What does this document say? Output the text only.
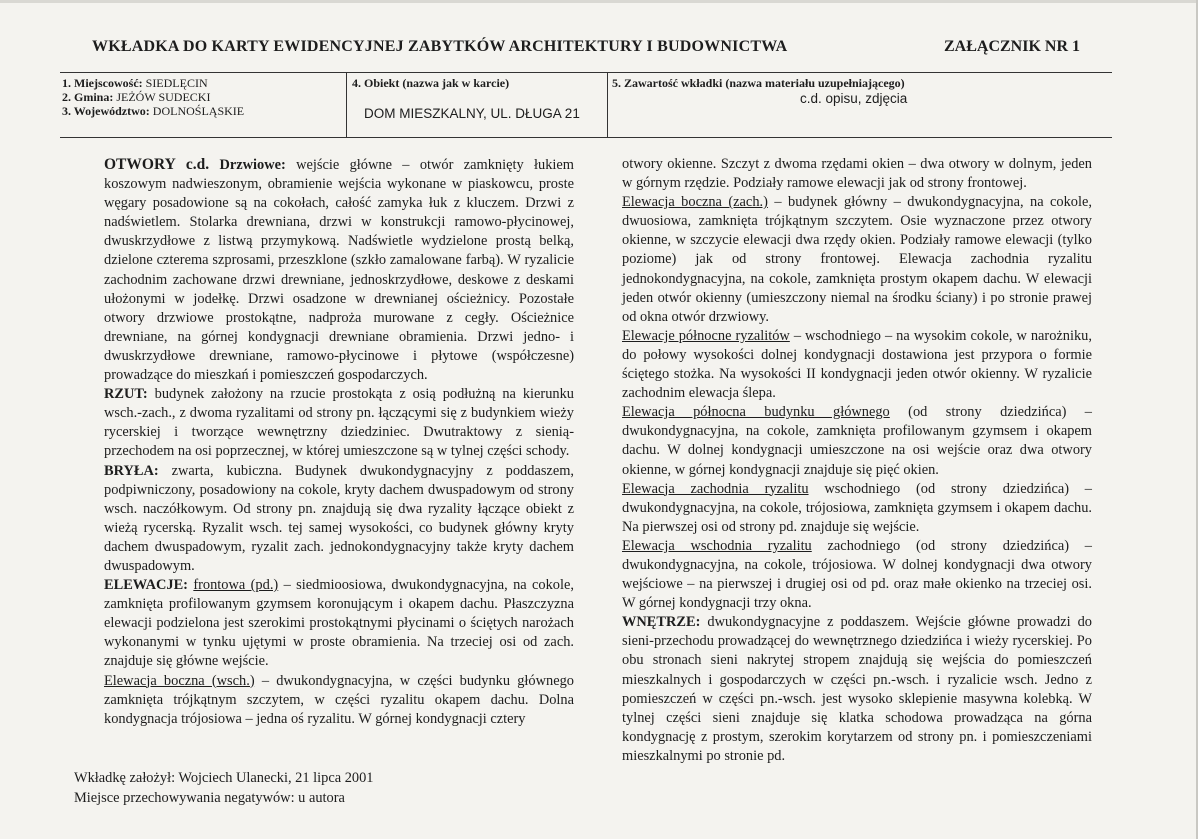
WKŁADKA DO KARTY EWIDENCYJNEJ ZABYTKÓW ARCHITEKTURY I BUDOWNICTWA	ZAŁĄCZNIK NR 1
1. Miejscowość: SIEDLĘCIN
2. Gmina: JEŻÓW SUDECKI
3. Województwo: DOLNOŚLĄSKIE
4. Obiekt (nazwa jak w karcie)
DOM MIESZKALNY, UL. DŁUGA 21
5. Zawartość wkładki (nazwa materiału uzupełniającego)
c.d. opisu, zdjęcia

OTWORY c.d. Drzwiowe: wejście główne – otwór zamknięty łukiem koszowym nadwieszonym, obramienie wejścia wykonane w piaskowcu, proste węgary posadowione są na cokołach, całość zamyka łuk z kluczem. Drzwi z nadświetlem. Stolarka drewniana, drzwi w konstrukcji ramowo-płycinowej, dwuskrzydłowe z listwą przymykową. Nadświetle wydzielone prostą belką, dzielone czterema szprosami, przeszklone (szkło zamalowane farbą). W ryzalicie zachodnim zachowane drzwi drewniane, jednoskrzydłowe, deskowe z deskami ułożonymi w jodełkę. Drzwi osadzone w drewnianej ościeżnicy. Pozostałe otwory drzwiowe prostokątne, nadproża murowane z cegły. Ościeżnice drewniane, na górnej kondygnacji drewniane obramienia. Drzwi jedno- i dwuskrzydłowe drewniane, ramowo-płycinowe i płytowe (współczesne) prowadzące do mieszkań i pomieszczeń gospodarczych.

RZUT: budynek założony na rzucie prostokąta z osią podłużną na kierunku wsch.-zach., z dwoma ryzalitami od strony pn. łączącymi się z budynkiem wieży rycerskiej i tworzące wewnętrzny dziedziniec. Dwutraktowy z sienią-przechodem na osi poprzecznej, w której umieszczone są w tylnej części schody.

BRYŁA: zwarta, kubiczna. Budynek dwukondygnacyjny z poddaszem, podpiwniczony, posadowiony na cokole, kryty dachem dwuspadowym od strony wsch. naczółkowym. Od strony pn. znajdują się dwa ryzality łączące obiekt z wieżą rycerską. Ryzalit wsch. tej samej wysokości, co budynek główny kryty dachem dwuspadowym, ryzalit zach. jednokondygnacyjny także kryty dachem dwuspadowym.

ELEWACJE: frontowa (pd.) – siedmioosiowa, dwukondygnacyjna, na cokole, zamknięta profilowanym gzymsem koronującym i okapem dachu. Płaszczyzna elewacji podzielona jest szerokimi prostokątnymi płycinami o ściętych narożach wykonanymi w tynku ujętymi w proste obramienia. Na trzeciej osi od zach. znajduje się główne wejście.

Elewacja boczna (wsch.) – dwukondygnacyjna, w części budynku głównego zamknięta trójkątnym szczytem, w części ryzalitu okapem dachu. Dolna kondygnacja trójosiowa – jedna oś ryzalitu. W górnej kondygnacji cztery

otwory okienne. Szczyt z dwoma rzędami okien – dwa otwory w dolnym, jeden w górnym rzędzie. Podziały ramowe elewacji jak od strony frontowej.

Elewacja boczna (zach.) – budynek główny – dwukondygnacyjna, na cokole, dwuosiowa, zamknięta trójkątnym szczytem. Osie wyznaczone przez otwory okienne, w szczycie elewacji dwa rzędy okien. Podziały ramowe elewacji (tylko poziome) jak od strony frontowej. Elewacja zachodnia ryzalitu jednokondygnacyjna, na cokole, zamknięta prostym okapem dachu. W elewacji jeden otwór okienny (umieszczony niemal na środku ściany) i po stronie prawej od okna otwór drzwiowy.

Elewacje północne ryzalitów – wschodniego – na wysokim cokole, w narożniku, do połowy wysokości dolnej kondygnacji dostawiona jest przypora o formie ściętego stożka. Na wysokości II kondygnacji jeden otwór okienny. W ryzalicie zachodnim elewacja ślepa.

Elewacja północna budynku głównego (od strony dziedzińca) – dwukondygnacyjna, na cokole, zamknięta profilowanym gzymsem i okapem dachu. W dolnej kondygnacji umieszczone na osi wejście oraz dwa otwory okienne, w górnej kondygnacji znajduje się pięć okien.

Elewacja zachodnia ryzalitu wschodniego (od strony dziedzińca) – dwukondygnacyjna, na cokole, trójosiowa, zamknięta gzymsem i okapem dachu. Na pierwszej osi od strony pd. znajduje się wejście.

Elewacja wschodnia ryzalitu zachodniego (od strony dziedzińca) – dwukondygnacyjna, na cokole, trójosiowa. W dolnej kondygnacji dwa otwory wejściowe – na pierwszej i drugiej osi od pd. oraz małe okienko na trzeciej osi. W górnej kondygnacji trzy okna.

WNĘTRZE: dwukondygnacyjne z poddaszem. Wejście główne prowadzi do sieni-przechodu prowadzącej do wewnętrznego dziedzińca i wieży rycerskiej. Po obu stronach sieni nakrytej stropem znajdują się wejścia do pomieszczeń mieszkalnych i gospodarczych w części pn.-wsch. i ryzalicie wsch. Jedno z pomieszczeń w części pn.-wsch. jest wysoko sklepienie masywna kolebką. W tylnej części sieni znajduje się klatka schodowa prowadząca na górna kondygnację z prostym, szerokim korytarzem od strony pn. i pomieszczeniami mieszkalnymi po stronie pd.

Wkładkę założył: Wojciech Ulanecki, 21 lipca 2001
Miejsce przechowywania negatywów: u autora
